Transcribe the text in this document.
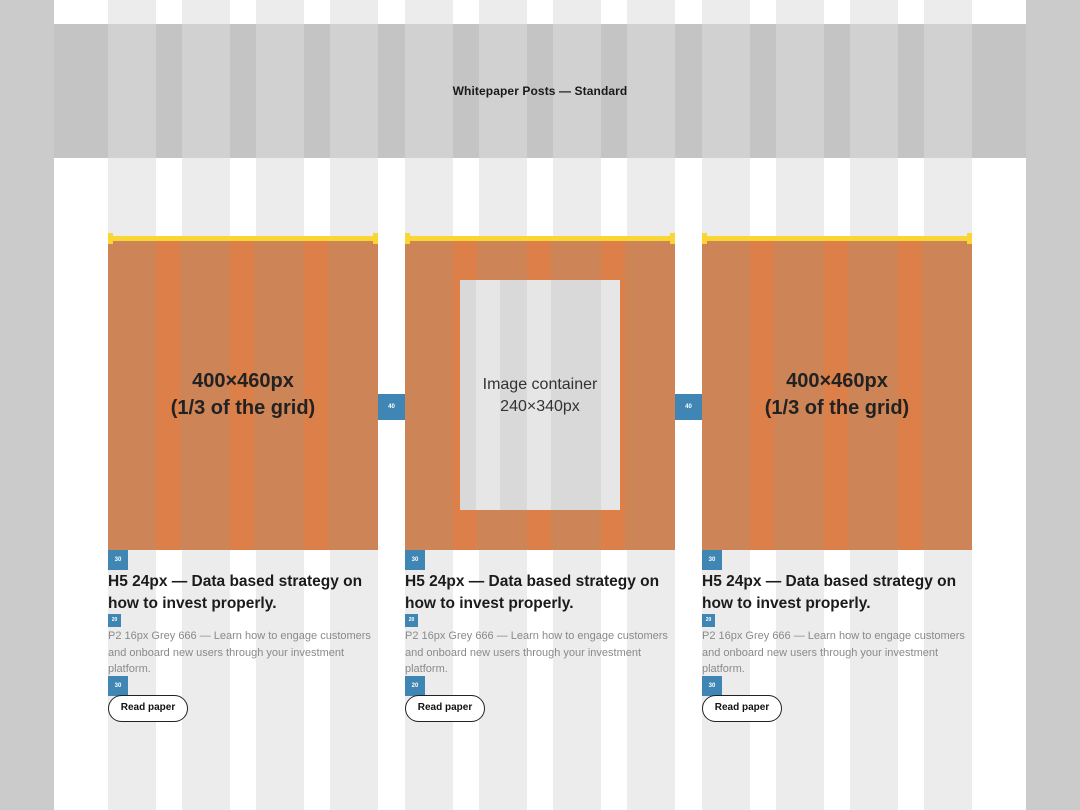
Whitepaper Posts — Standard
400×460px
(1/3 of the grid)
30
H5 24px — Data based strategy on how to invest properly.
20
P2 16px Grey 666 — Learn how to engage customers and onboard new users through your investment platform.
30
Read paper
40
Image container
240×340px
30
H5 24px — Data based strategy on how to invest properly.
20
P2 16px Grey 666 — Learn how to engage customers and onboard new users through your investment platform.
20
Read paper
40
400×460px
(1/3 of the grid)
30
H5 24px — Data based strategy on how to invest properly.
20
P2 16px Grey 666 — Learn how to engage customers and onboard new users through your investment platform.
30
Read paper
